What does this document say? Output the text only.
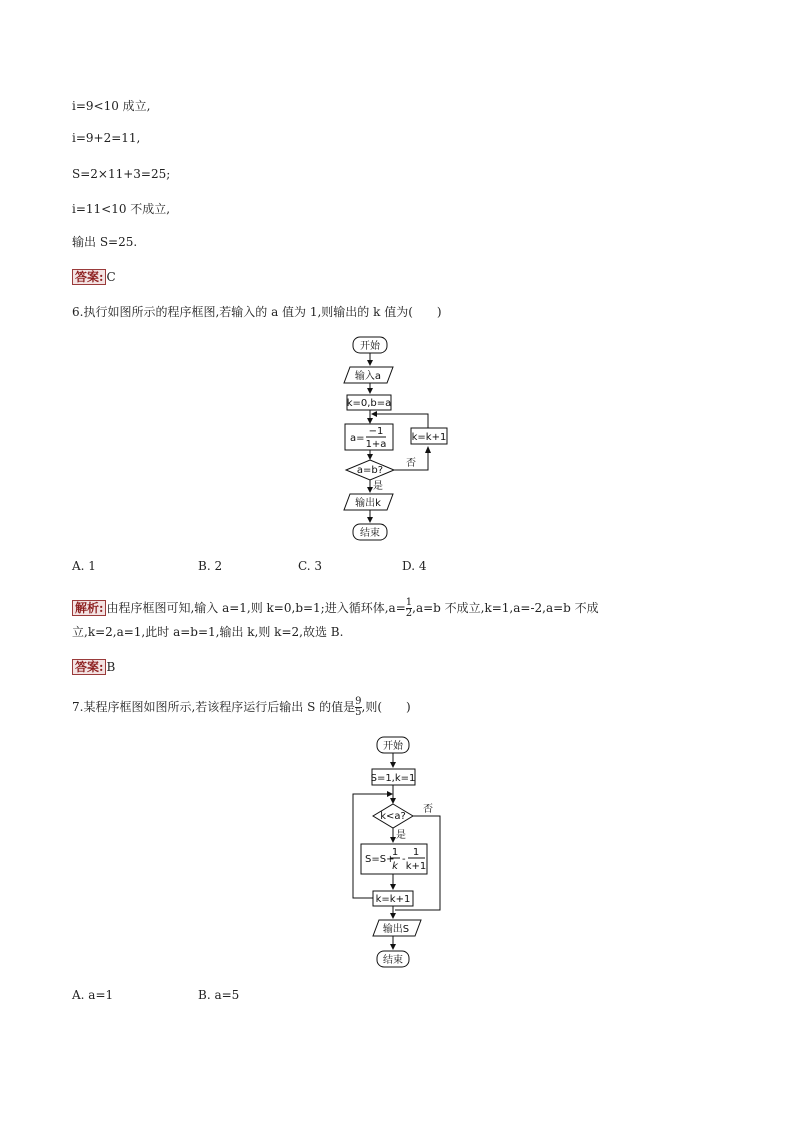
i=9<10 成立,
i=9+2=11,
S=2×11+3=25;
i=11<10 不成立,
输出 S=25.
答案: C
6.执行如图所示的程序框图,若输入的 a 值为 1,则输出的 k 值为(　　)
开始
输入a
k=0,b=a
a=
−1
1+a
a=b?
否
k=k+1
是
输出k
结束
A. 1	B. 2	C. 3	D. 4
解析: 由程序框图可知,输入 a=1,则 k=0,b=1;进入循环体$,a= \frac{1}{2} ,a=b$ 不成立,k=1,a=-2,a=b 不成
立,k=2,a=1,此时 a=b=1,输出 k,则 k=2,故选 B.
答案: B
7.某程序框图如图所示,若该程序运行后输出 S 的值是 $\frac{9}{5}$ ,则(　　)
开始
S=1,k=1
k<a?
否
是
S=S+
1
k
-
1
k+1
k=k+1
输出S
结束
A. a=1	B. a=5
